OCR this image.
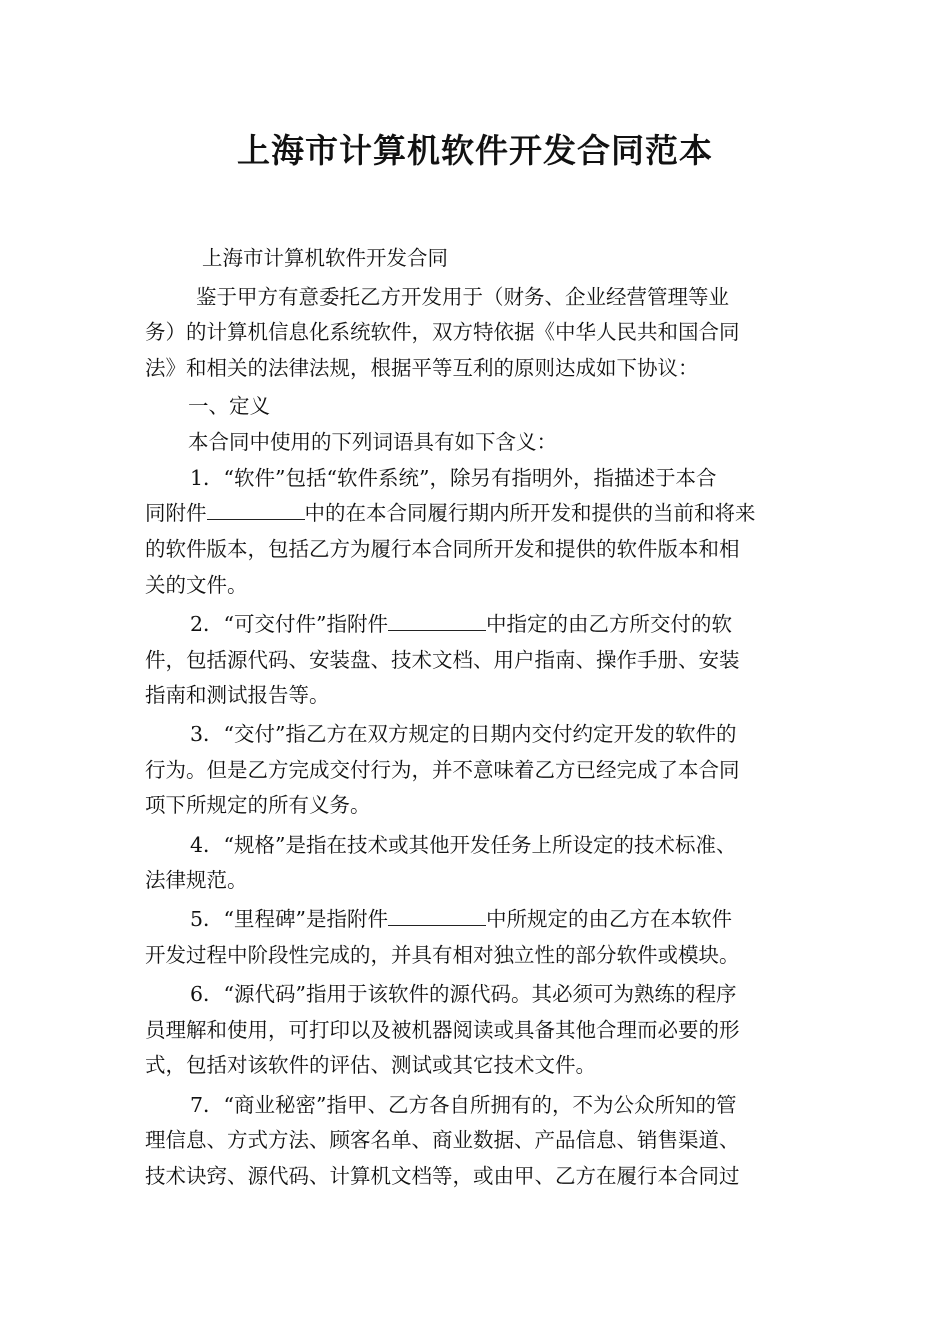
上海市计算机软件开发合同范本
上海市计算机软件开发合同
鉴于甲方有意委托乙方开发用于（财务、企业经营管理等业
务）的计算机信息化系统软件，双方特依据《中华人民共和国合同
法》和相关的法律法规，根据平等互利的原则达成如下协议：
一、定义
本合同中使用的下列词语具有如下含义：
1．“软件”包括“软件系统”，除另有指明外，指描述于本合
同附件	中的在本合同履行期内所开发和提供的当前和将来
的软件版本，包括乙方为履行本合同所开发和提供的软件版本和相
关的文件。
2．“可交付件”指附件	中指定的由乙方所交付的软
件，包括源代码、安装盘、技术文档、用户指南、操作手册、安装
指南和测试报告等。
3．“交付”指乙方在双方规定的日期内交付约定开发的软件的
行为。但是乙方完成交付行为，并不意味着乙方已经完成了本合同
项下所规定的所有义务。
4．“规格”是指在技术或其他开发任务上所设定的技术标准、
法律规范。
5．“里程碑”是指附件	中所规定的由乙方在本软件
开发过程中阶段性完成的，并具有相对独立性的部分软件或模块。
6．“源代码”指用于该软件的源代码。其必须可为熟练的程序
员理解和使用，可打印以及被机器阅读或具备其他合理而必要的形
式，包括对该软件的评估、测试或其它技术文件。
7．“商业秘密”指甲、乙方各自所拥有的，不为公众所知的管
理信息、方式方法、顾客名单、商业数据、产品信息、销售渠道、
技术诀窍、源代码、计算机文档等，或由甲、乙方在履行本合同过
